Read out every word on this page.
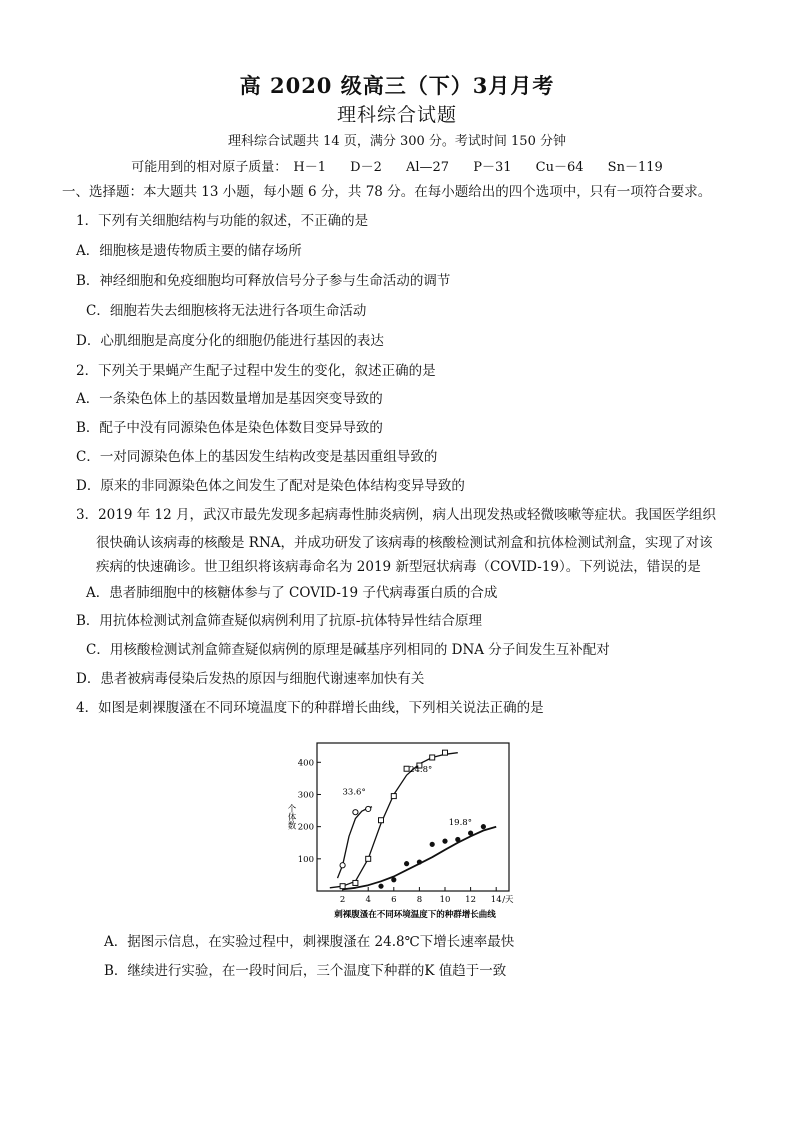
高 2020 级高三（下）3月月考
理科综合试题
理科综合试题共 14 页，满分 300 分。考试时间 150 分钟
可能用到的相对原子质量： H－1 D－2 Al—27 P－31 Cu－64 Sn－119
一、选择题：本大题共 13 小题，每小题 6 分，共 78 分。在每小题给出的四个选项中，只有一项符合要求。
1．下列有关细胞结构与功能的叙述，不正确的是
A．细胞核是遗传物质主要的储存场所
B．神经细胞和免疫细胞均可释放信号分子参与生命活动的调节
C．细胞若失去细胞核将无法进行各项生命活动
D．心肌细胞是高度分化的细胞仍能进行基因的表达
2．下列关于果蝇产生配子过程中发生的变化，叙述正确的是
A．一条染色体上的基因数量增加是基因突变导致的
B．配子中没有同源染色体是染色体数目变异导致的
C．一对同源染色体上的基因发生结构改变是基因重组导致的
D．原来的非同源染色体之间发生了配对是染色体结构变异导致的
3．2019 年 12 月，武汉市最先发现多起病毒性肺炎病例，病人出现发热或轻微咳嗽等症状。我国医学组织
很快确认该病毒的核酸是 RNA，并成功研发了该病毒的核酸检测试剂盒和抗体检测试剂盒，实现了对该
疾病的快速确诊。世卫组织将该病毒命名为 2019 新型冠状病毒（COVID-19）。下列说法，错误的是
A．患者肺细胞中的核糖体参与了 COVID-19 子代病毒蛋白质的合成
B．用抗体检测试剂盒筛查疑似病例利用了抗原-抗体特异性结合原理
C．用核酸检测试剂盒筛查疑似病例的原理是碱基序列相同的 DNA 分子间发生互补配对
D．患者被病毒侵染后发热的原因与细胞代谢速率加快有关
4．如图是刺裸腹溞在不同环境温度下的种群增长曲线，下列相关说法正确的是
2 4 6 8 10 12 14 /天
100
200
300
400
个体数
刺裸腹溞在不同环境温度下的种群增长曲线
33.6°
24.8°
19.8°
A．据图示信息，在实验过程中，刺裸腹溞在 24.8℃下增长速率最快
B．继续进行实验，在一段时间后，三个温度下种群的K 值趋于一致
